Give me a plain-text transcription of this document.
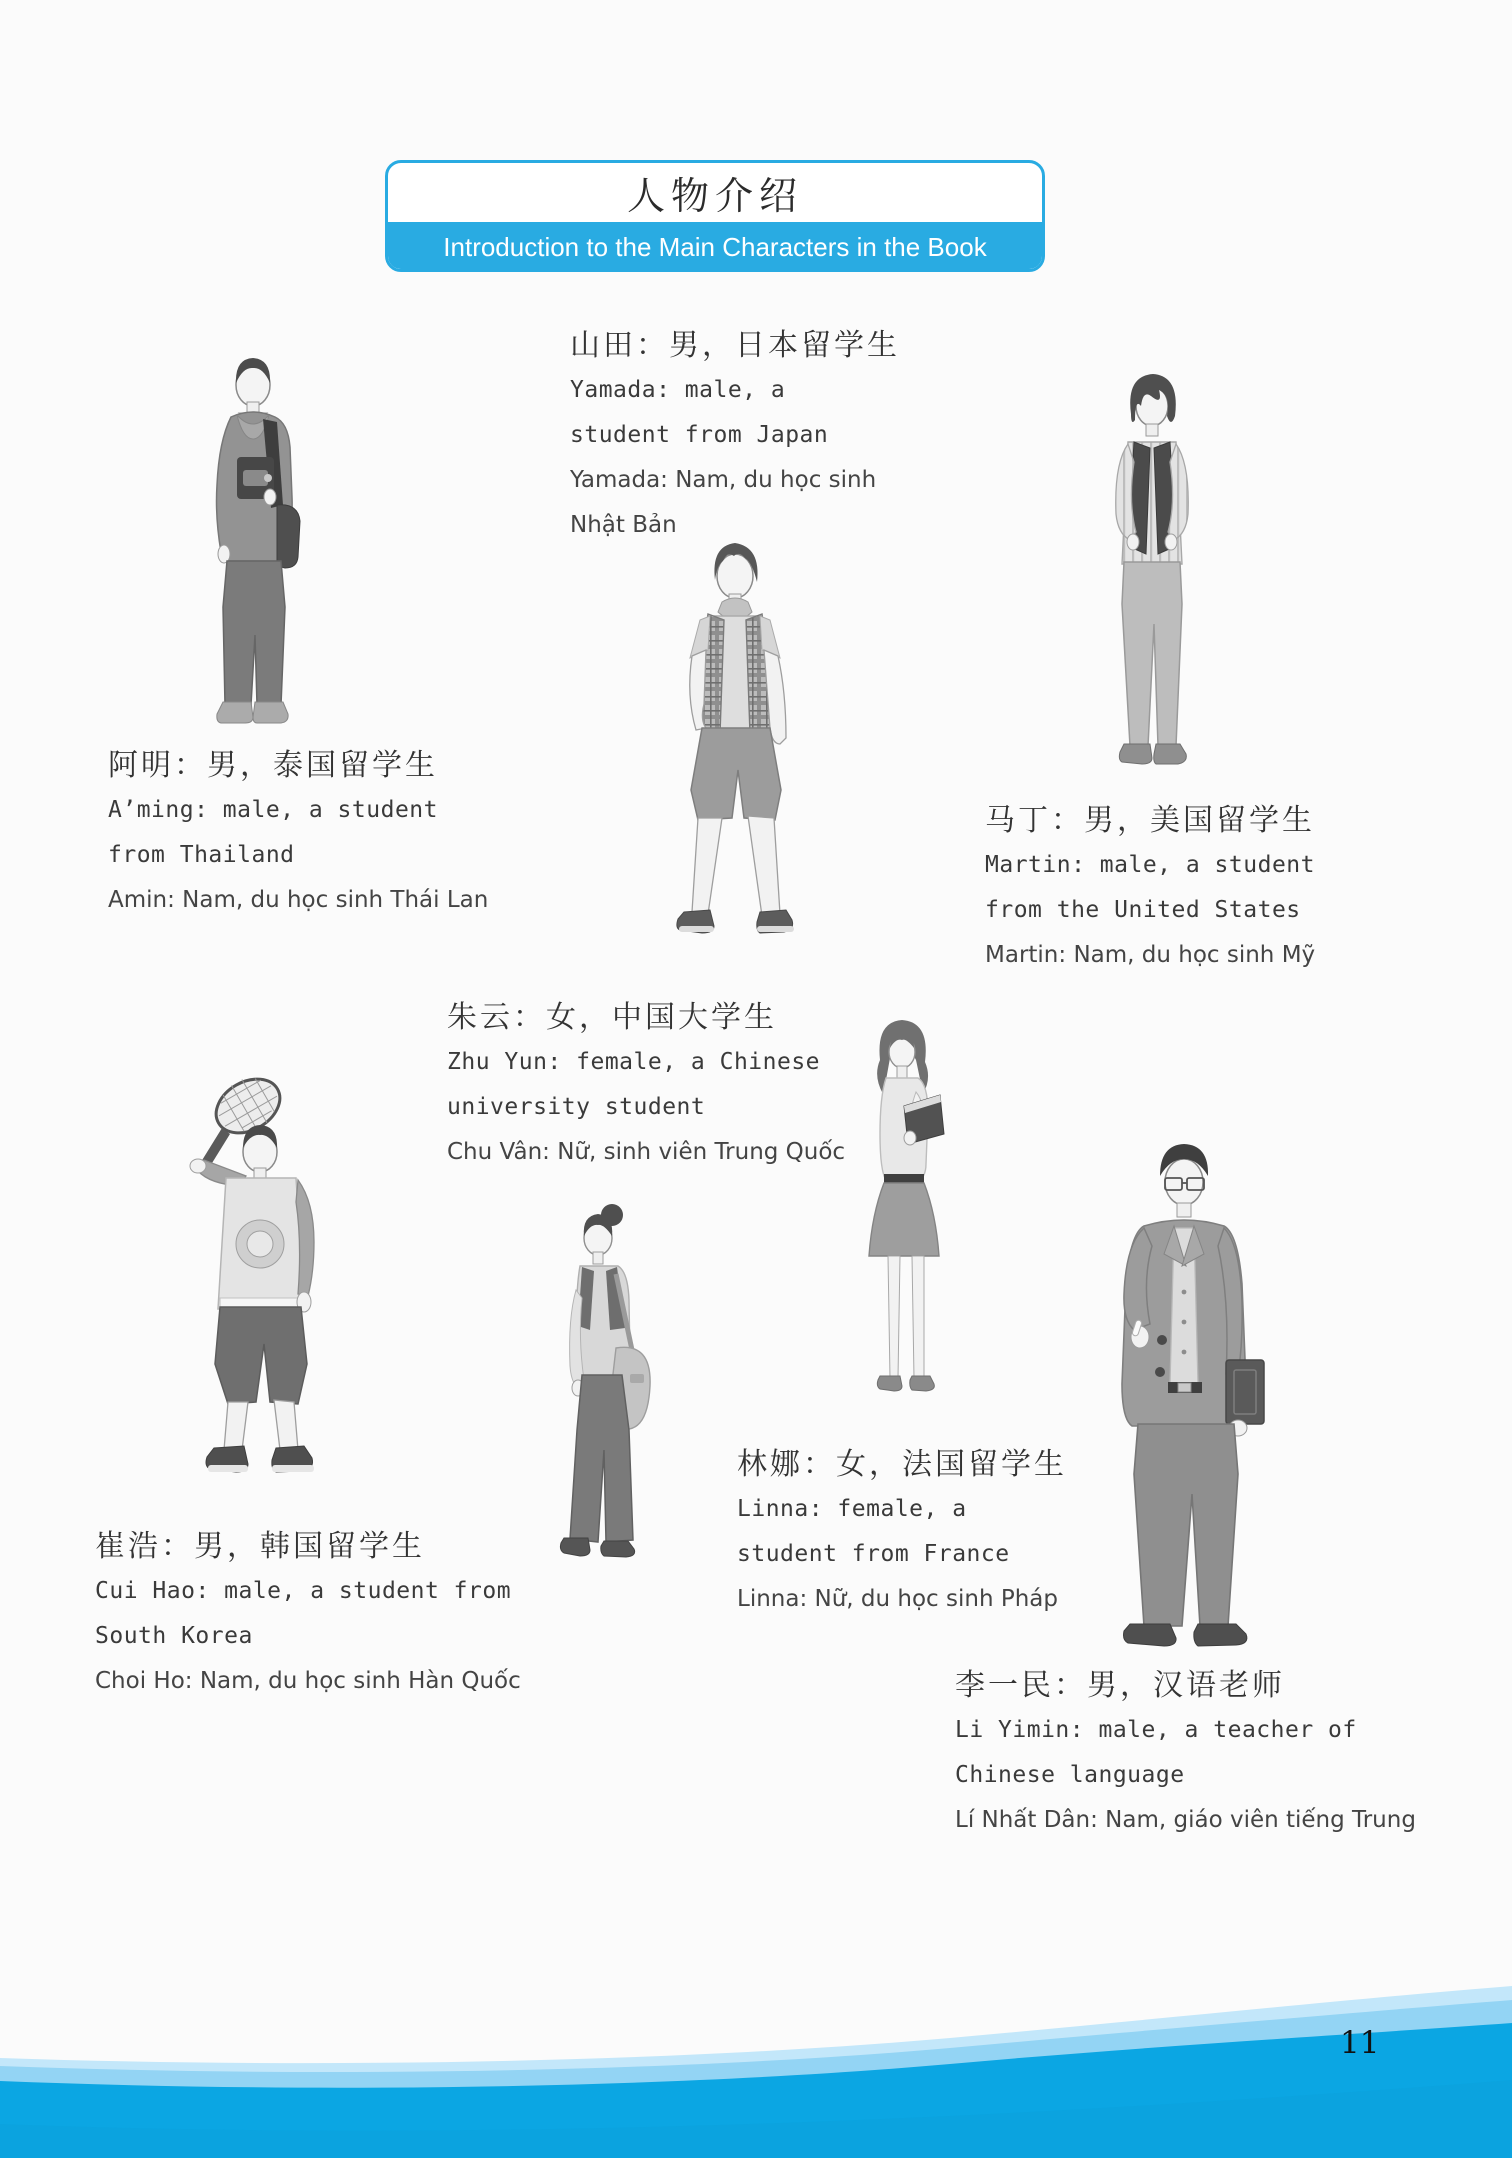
人物介绍
Introduction to the Main Characters in the Book
阿明：男，泰国留学生
A’ming: male, a student
from Thailand
Amin: Nam, du học sinh Thái Lan
山田：男，日本留学生
Yamada: male, a
student from Japan
Yamada: Nam, du học sinh
Nhật Bản
马丁：男，美国留学生
Martin: male, a student
from the United States
Martin: Nam, du học sinh Mỹ
朱云：女，中国大学生
Zhu Yun: female, a Chinese
university student
Chu Vân: Nữ, sinh viên Trung Quốc
崔浩：男，韩国留学生
Cui Hao: male, a student from
South Korea
Choi Ho: Nam, du học sinh Hàn Quốc
林娜：女，法国留学生
Linna: female, a
student from France
Linna: Nữ, du học sinh Pháp
李一民：男，汉语老师
Li Yimin: male, a teacher of
Chinese language
Lí Nhất Dân: Nam, giáo viên tiếng Trung
11
